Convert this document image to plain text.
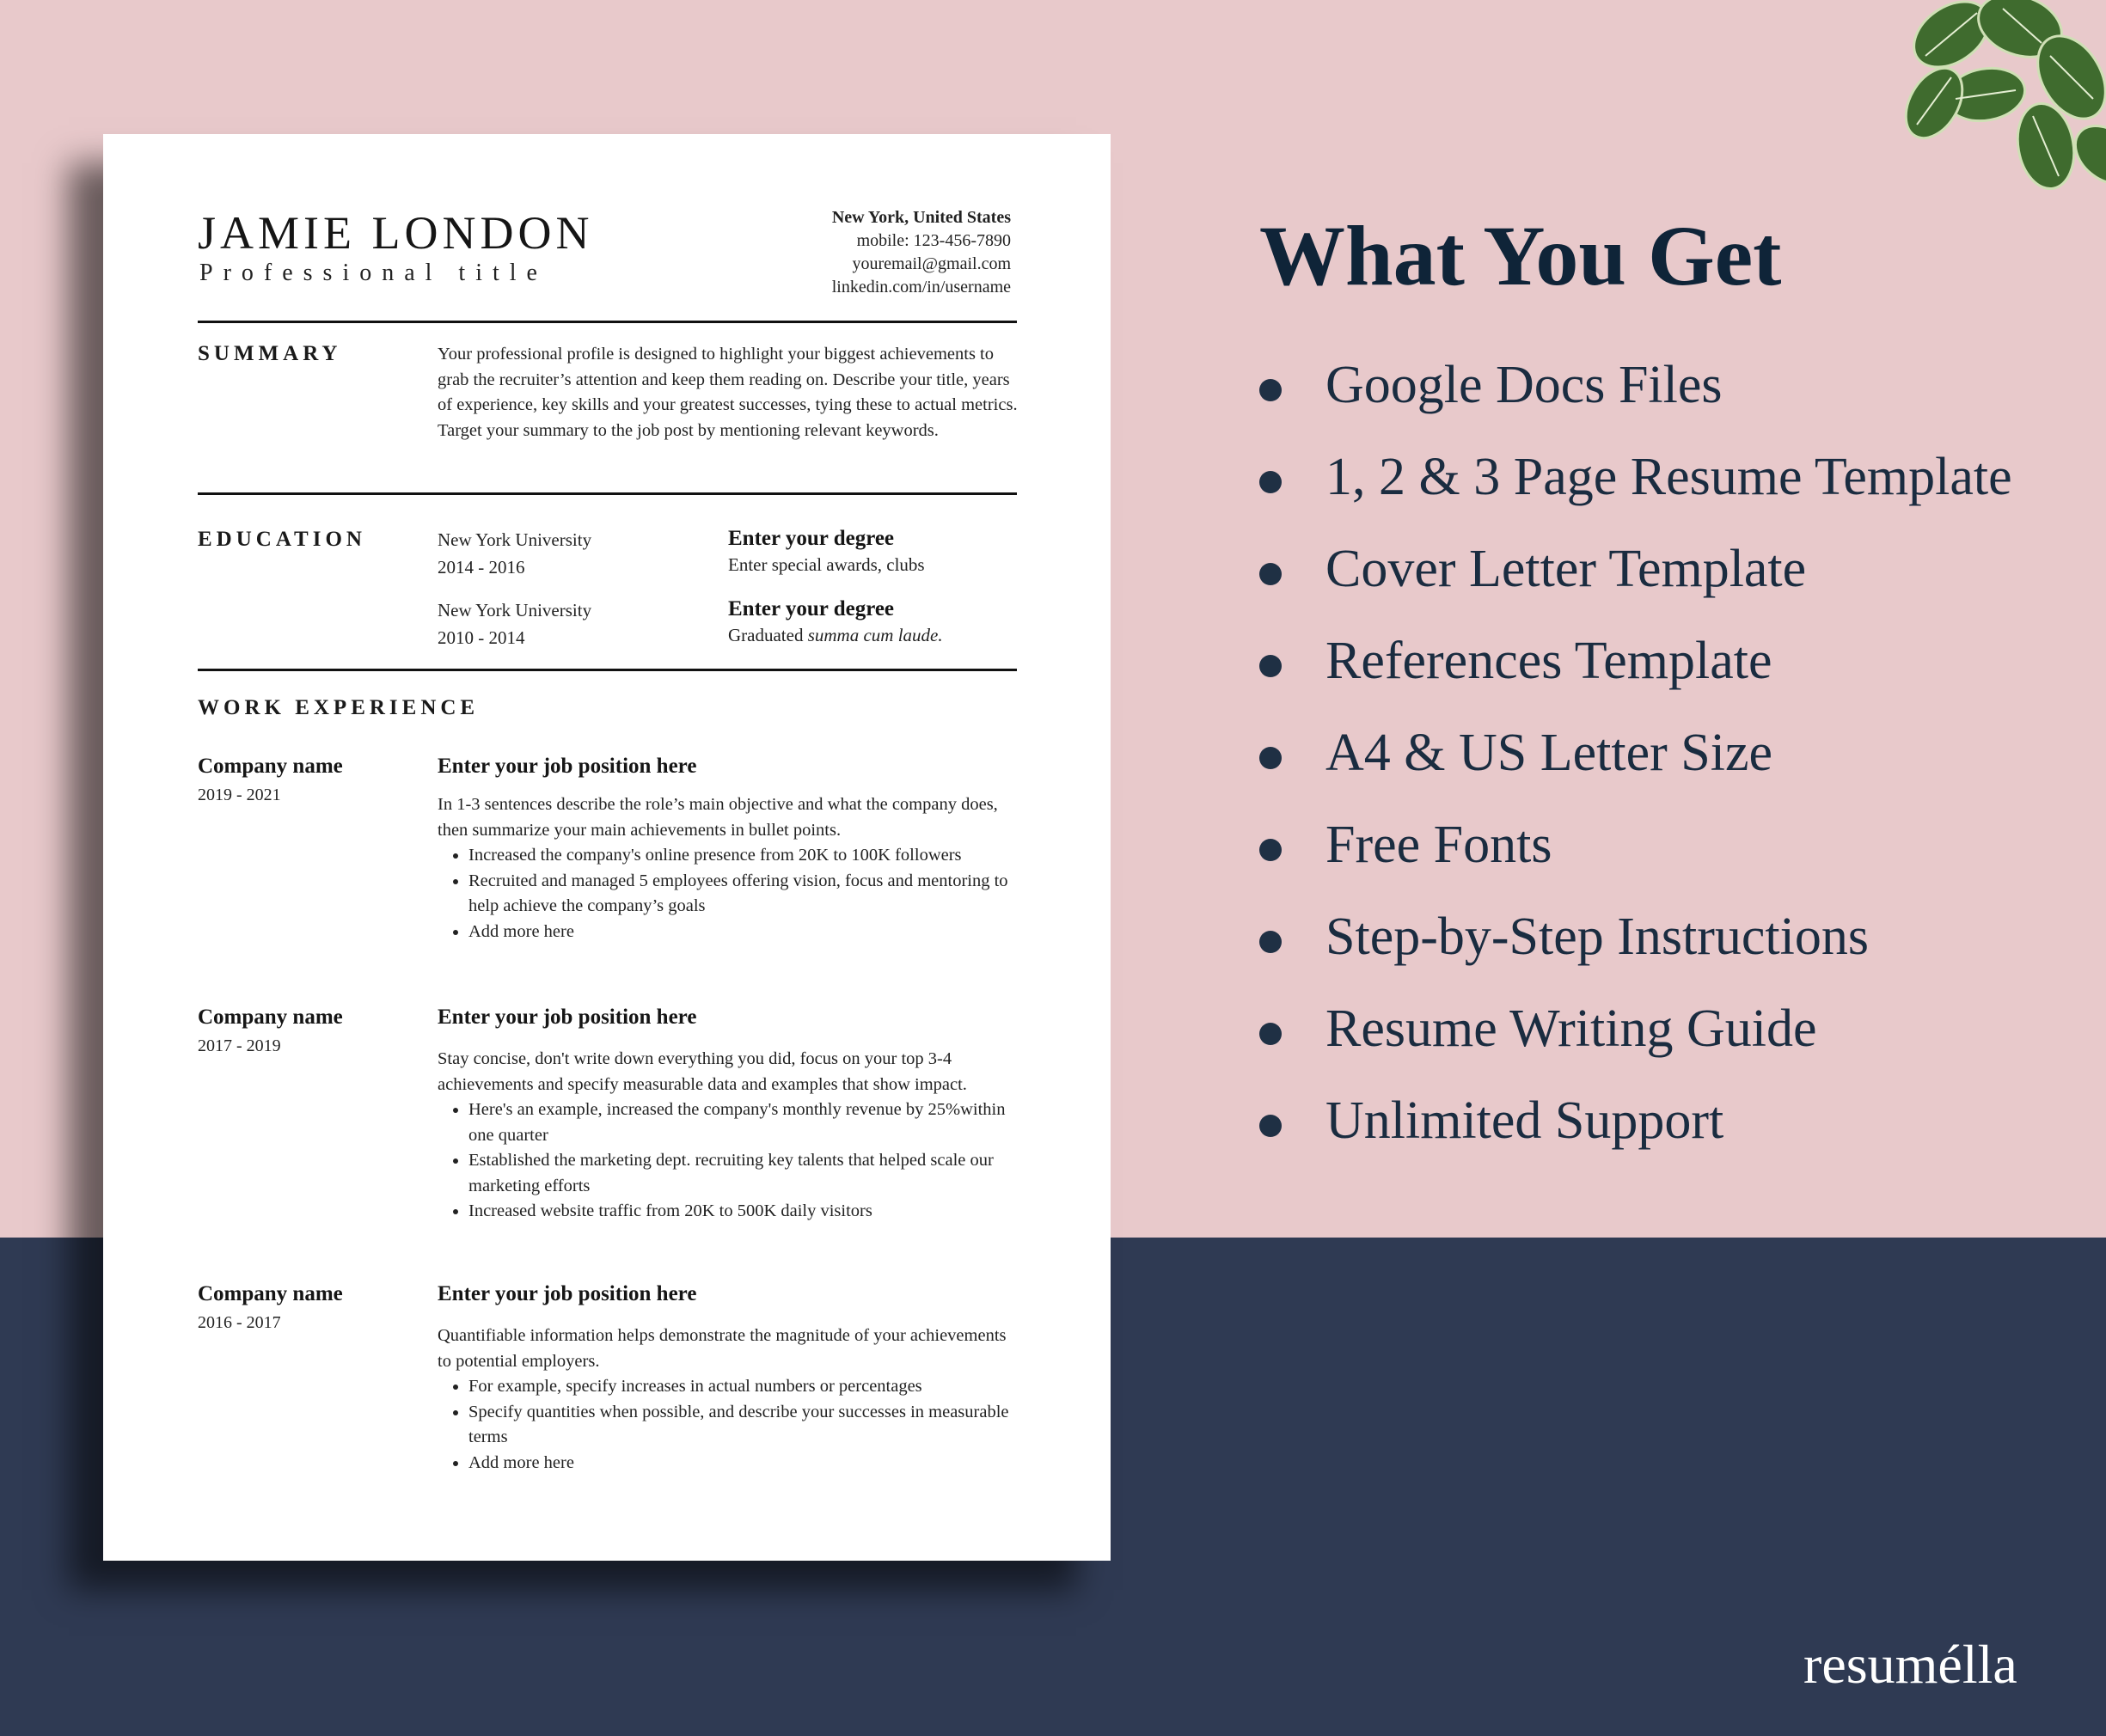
JAMIE LONDON
Professional title
New York, United States
mobile: 123-456-7890
youremail@gmail.com
linkedin.com/in/username
SUMMARY	Your professional profile is designed to highlight your biggest achievements to grab the recruiter’s attention and keep them reading on. Describe your title, years of experience, key skills and your greatest successes, tying these to actual metrics. Target your summary to the job post by mentioning relevant keywords.
EDUCATION	New York University
2014 - 2016
Enter your degree
Enter special awards, clubs
New York University
2010 - 2014
Enter your degree
Graduated summa cum laude.
WORK EXPERIENCE
Company name
2019 - 2021
Enter your job position here
In 1-3 sentences describe the role’s main objective and what the company does, then summarize your main achievements in bullet points.
• Increased the company's online presence from 20K to 100K followers
• Recruited and managed 5 employees offering vision, focus and mentoring to help achieve the company’s goals
• Add more here
Company name
2017 - 2019
Enter your job position here
Stay concise, don't write down everything you did, focus on your top 3-4 achievements and specify measurable data and examples that show impact.
• Here's an example, increased the company's monthly revenue by 25%within one quarter
• Established the marketing dept. recruiting key talents that helped scale our marketing efforts
• Increased website traffic from 20K to 500K daily visitors
Company name
2016 - 2017
Enter your job position here
Quantifiable information helps demonstrate the magnitude of your achievements to potential employers.
• For example, specify increases in actual numbers or percentages
• Specify quantities when possible, and describe your successes in measurable terms
• Add more here
What You Get
Google Docs Files
1, 2 & 3 Page Resume Template
Cover Letter Template
References Template
A4 & US Letter Size
Free Fonts
Step-by-Step Instructions
Resume Writing Guide
Unlimited Support
resumélla
